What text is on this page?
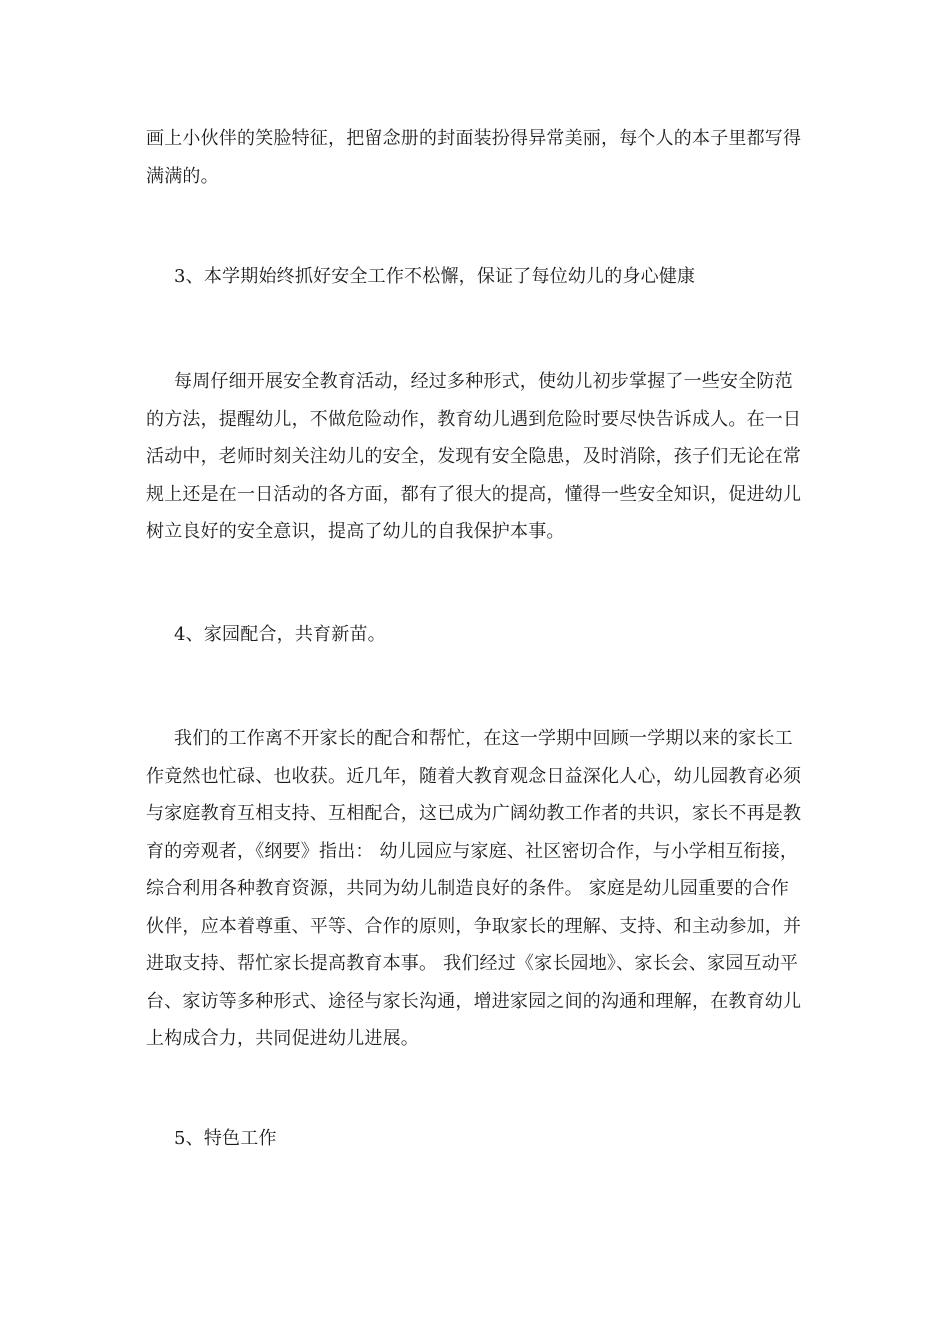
画上小伙伴的笑脸特征，把留念册的封面装扮得异常美丽，每个人的本子里都写得满满的。

3、本学期始终抓好安全工作不松懈，保证了每位幼儿的身心健康

每周仔细开展安全教育活动，经过多种形式，使幼儿初步掌握了一些安全防范的方法，提醒幼儿，不做危险动作，教育幼儿遇到危险时要尽快告诉成人。在一日活动中，老师时刻关注幼儿的安全，发现有安全隐患，及时消除，孩子们无论在常规上还是在一日活动的各方面，都有了很大的提高，懂得一些安全知识，促进幼儿树立良好的安全意识，提高了幼儿的自我保护本事。

4、家园配合，共育新苗。

我们的工作离不开家长的配合和帮忙，在这一学期中回顾一学期以来的家长工作竟然也忙碌、也收获。近几年，随着大教育观念日益深化人心，幼儿园教育必须与家庭教育互相支持、互相配合，这已成为广阔幼教工作者的共识，家长不再是教育的旁观者，《纲要》指出： 幼儿园应与家庭、社区密切合作，与小学相互衔接，综合利用各种教育资源，共同为幼儿制造良好的条件。 家庭是幼儿园重要的合作伙伴，应本着尊重、平等、合作的原则，争取家长的理解、支持、和主动参加，并进取支持、帮忙家长提高教育本事。 我们经过《家长园地》、家长会、家园互动平台、家访等多种形式、途径与家长沟通，增进家园之间的沟通和理解，在教育幼儿上构成合力，共同促进幼儿进展。

5、特色工作
